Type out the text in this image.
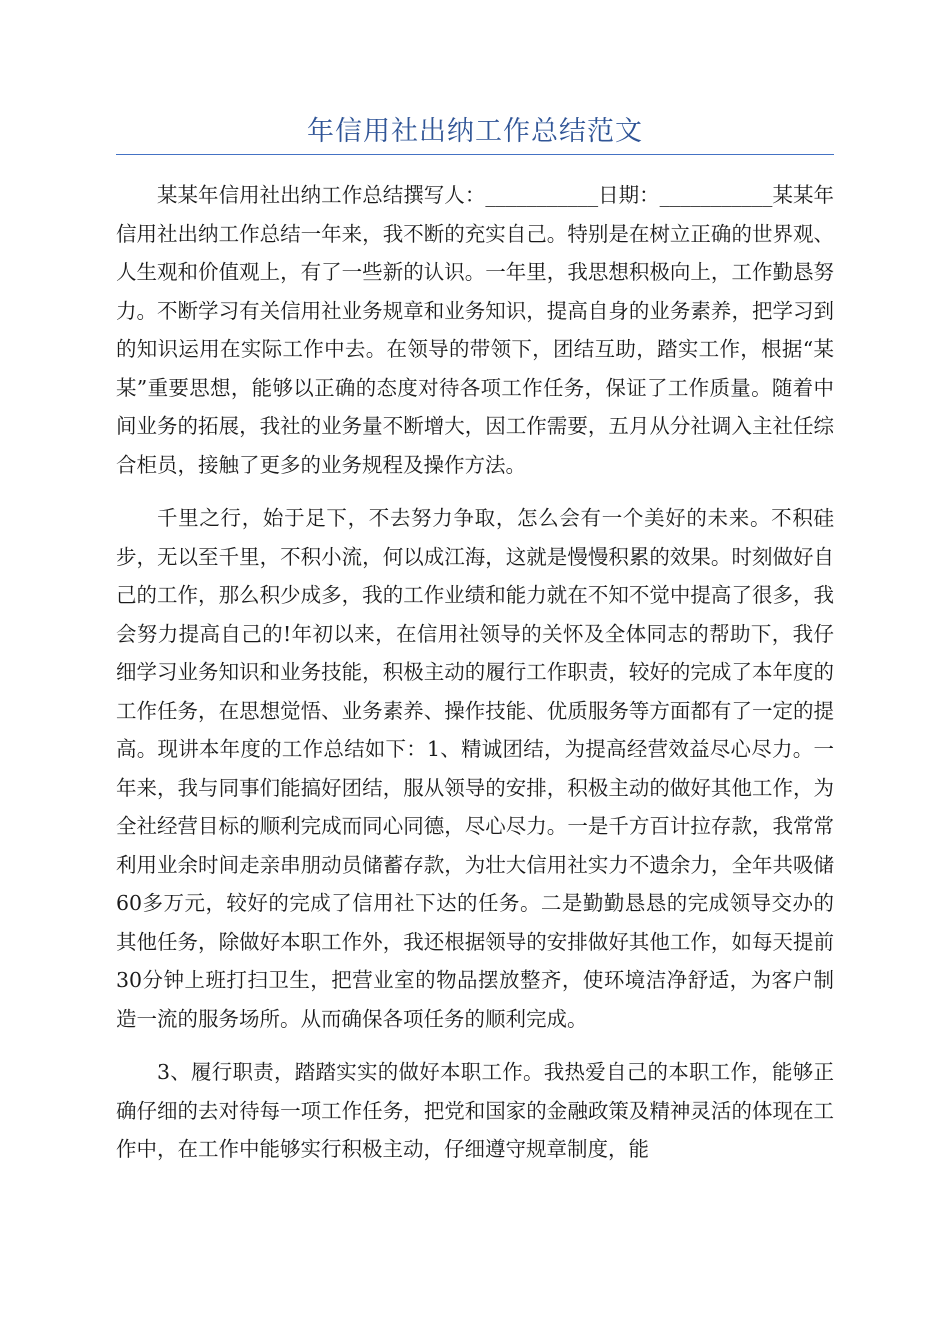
年信用社出纳工作总结范文

某某年信用社出纳工作总结撰写人：___________日期：___________某某年信用社出纳工作总结一年来，我不断的充实自己。特别是在树立正确的世界观、人生观和价值观上，有了一些新的认识。一年里，我思想积极向上，工作勤恳努力。不断学习有关信用社业务规章和业务知识，提高自身的业务素养，把学习到的知识运用在实际工作中去。在领导的带领下，团结互助，踏实工作，根据“某某”重要思想，能够以正确的态度对待各项工作任务，保证了工作质量。随着中间业务的拓展，我社的业务量不断增大，因工作需要，五月从分社调入主社任综合柜员，接触了更多的业务规程及操作方法。

千里之行，始于足下，不去努力争取，怎么会有一个美好的未来。不积硅步，无以至千里，不积小流，何以成江海，这就是慢慢积累的效果。时刻做好自己的工作，那么积少成多，我的工作业绩和能力就在不知不觉中提高了很多，我会努力提高自己的!年初以来，在信用社领导的关怀及全体同志的帮助下，我仔细学习业务知识和业务技能，积极主动的履行工作职责，较好的完成了本年度的工作任务，在思想觉悟、业务素养、操作技能、优质服务等方面都有了一定的提高。现讲本年度的工作总结如下：1、精诚团结，为提高经营效益尽心尽力。一年来，我与同事们能搞好团结，服从领导的安排，积极主动的做好其他工作，为全社经营目标的顺利完成而同心同德，尽心尽力。一是千方百计拉存款，我常常利用业余时间走亲串朋动员储蓄存款，为壮大信用社实力不遗余力，全年共吸储60多万元，较好的完成了信用社下达的任务。二是勤勤恳恳的完成领导交办的其他任务，除做好本职工作外，我还根据领导的安排做好其他工作，如每天提前30分钟上班打扫卫生，把营业室的物品摆放整齐，使环境洁净舒适，为客户制造一流的服务场所。从而确保各项任务的顺利完成。

3、履行职责，踏踏实实的做好本职工作。我热爱自己的本职工作，能够正确仔细的去对待每一项工作任务，把党和国家的金融政策及精神灵活的体现在工作中，在工作中能够实行积极主动，仔细遵守规章制度，能
